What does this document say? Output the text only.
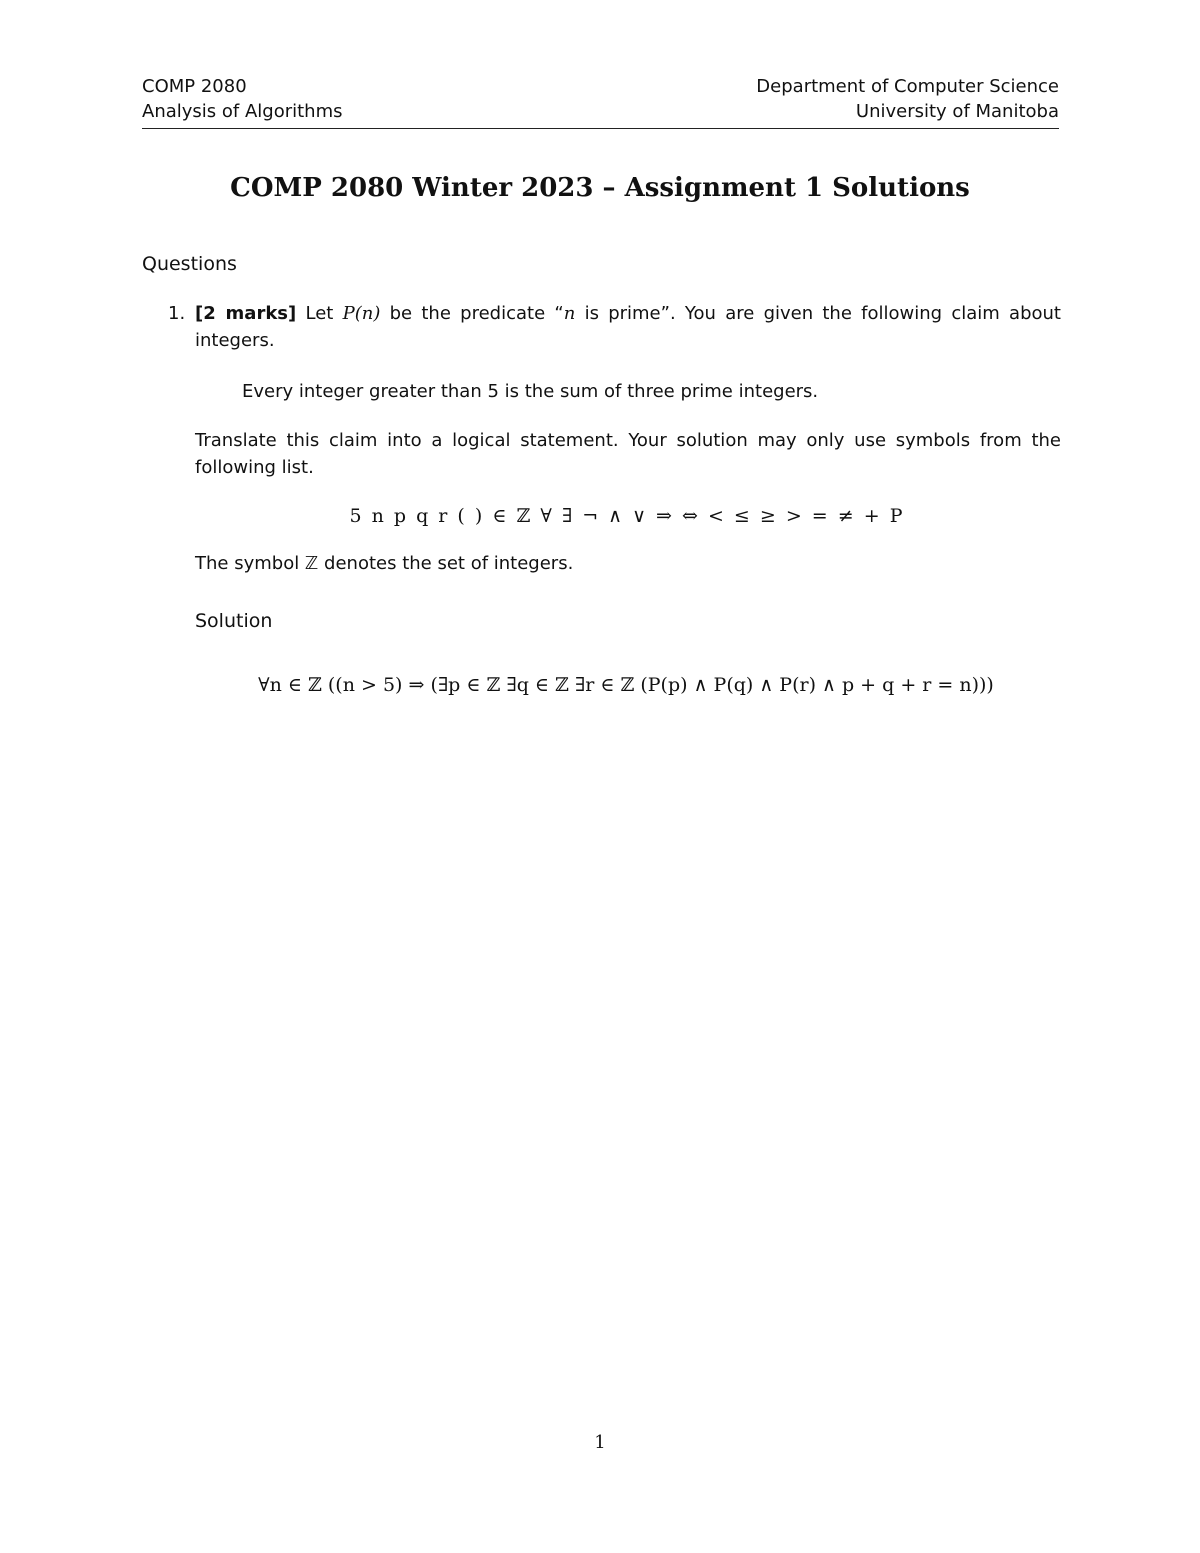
COMP 2080
Analysis of Algorithms
Department of Computer Science
University of Manitoba
COMP 2080 Winter 2023 – Assignment 1 Solutions
Questions
1. [2 marks] Let P(n) be the predicate “n is prime”. You are given the following claim about integers.
Every integer greater than 5 is the sum of three prime integers.
Translate this claim into a logical statement. Your solution may only use symbols from the following list.
5 n p q r ( ) ∈ ℤ ∀ ∃ ¬ ∧ ∨ ⇒ ⇔ < ≤ ≥ > = ≠ + P
The symbol ℤ denotes the set of integers.
Solution
∀n ∈ ℤ ((n > 5) ⇒ (∃p ∈ ℤ ∃q ∈ ℤ ∃r ∈ ℤ (P(p) ∧ P(q) ∧ P(r) ∧ p + q + r = n)))
1
